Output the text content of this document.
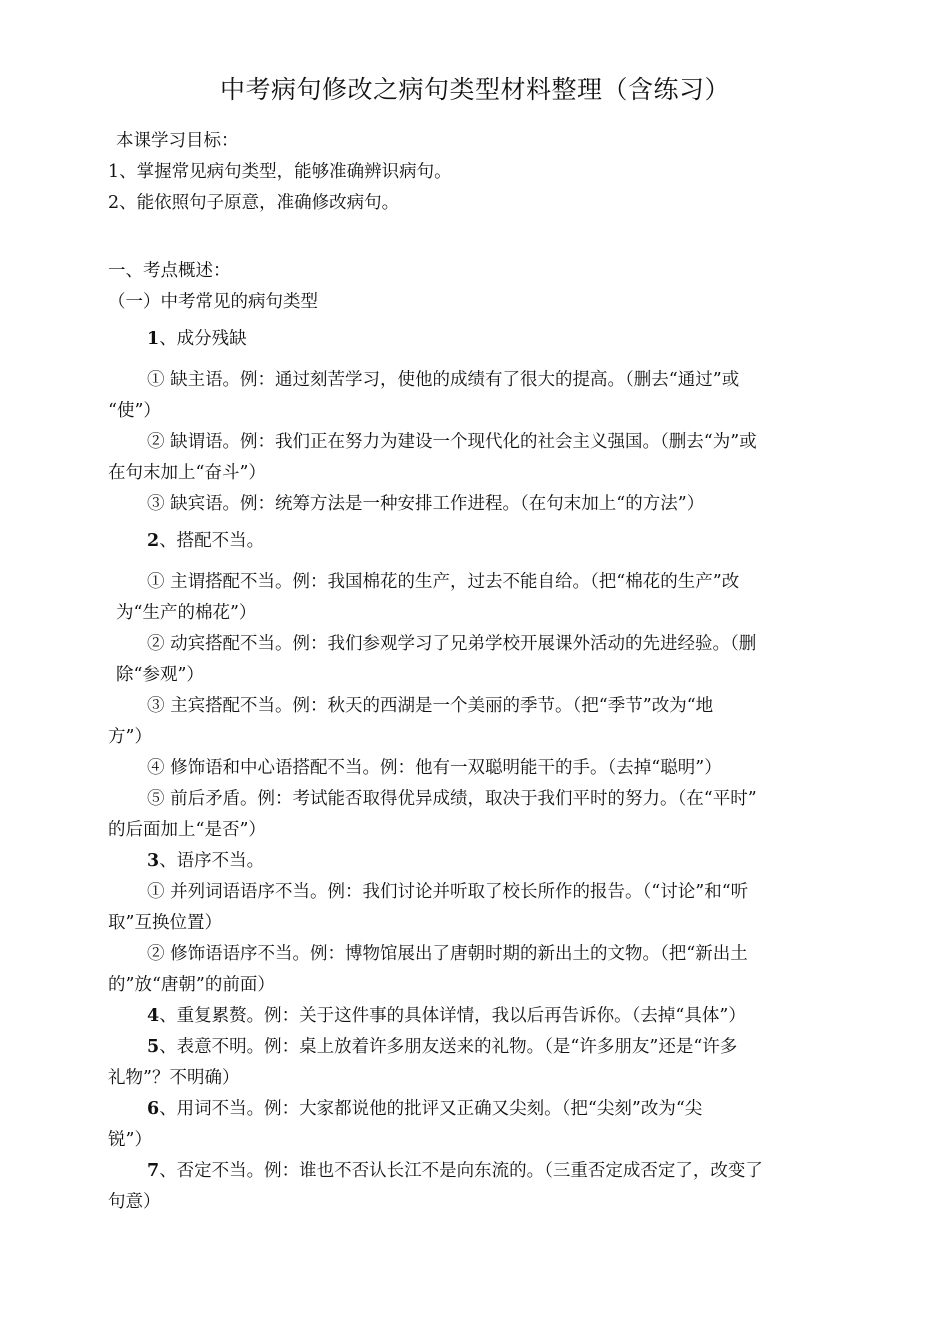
中考病句修改之病句类型材料整理（含练习）
本课学习目标：
1、掌握常见病句类型，能够准确辨识病句。
2、能依照句子原意，准确修改病句。
一、考点概述：
（一）中考常见的病句类型
1、成分残缺
① 缺主语。例：通过刻苦学习，使他的成绩有了很大的提高。（删去“通过”或
“使”）
② 缺谓语。例：我们正在努力为建设一个现代化的社会主义强国。（删去“为”或
在句末加上“奋斗”）
③ 缺宾语。例：统筹方法是一种安排工作进程。（在句末加上“的方法”）
2、搭配不当。
① 主谓搭配不当。例：我国棉花的生产，过去不能自给。（把“棉花的生产”改
为“生产的棉花”）
② 动宾搭配不当。例：我们参观学习了兄弟学校开展课外活动的先进经验。（删
除“参观”）
③ 主宾搭配不当。例：秋天的西湖是一个美丽的季节。（把“季节”改为“地
方”）
④ 修饰语和中心语搭配不当。例：他有一双聪明能干的手。（去掉“聪明”）
⑤ 前后矛盾。例：考试能否取得优异成绩，取决于我们平时的努力。（在“平时”
的后面加上“是否”）
3、语序不当。
① 并列词语语序不当。例：我们讨论并听取了校长所作的报告。（“讨论”和“听
取”互换位置）
② 修饰语语序不当。例：博物馆展出了唐朝时期的新出土的文物。（把“新出土
的”放“唐朝”的前面）
4、重复累赘。例：关于这件事的具体详情，我以后再告诉你。（去掉“具体”）
5、表意不明。例：桌上放着许多朋友送来的礼物。（是“许多朋友”还是“许多
礼物”？不明确）
6、用词不当。例：大家都说他的批评又正确又尖刻。（把“尖刻”改为“尖
锐”）
7、否定不当。例：谁也不否认长江不是向东流的。（三重否定成否定了，改变了
句意）
